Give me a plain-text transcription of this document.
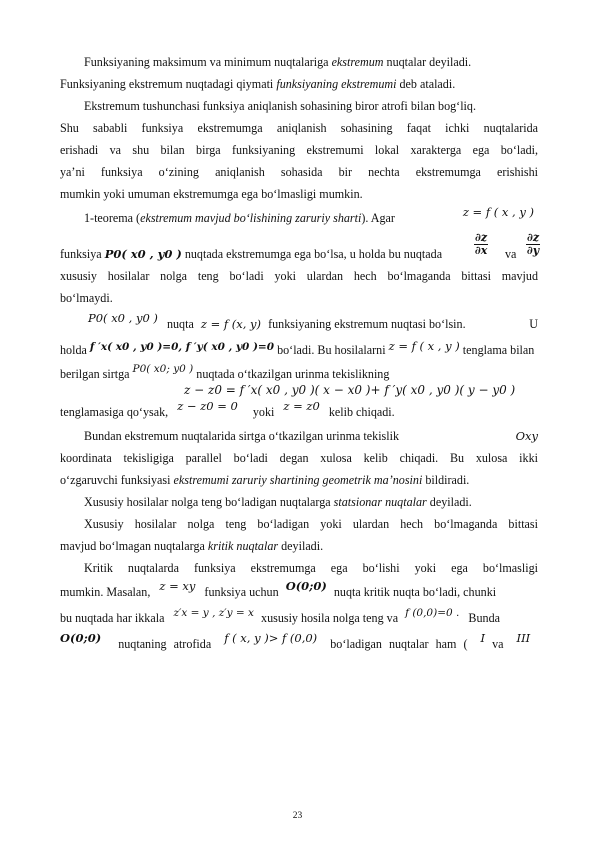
Funksiyaning maksimum va minimum nuqtalariga ekstremum nuqtalar deyiladi.
Funksiyaning ekstremum nuqtadagi qiymati funksiyaning ekstremumi deb ataladi.
Ekstremum tushunchasi funksiya aniqlanish sohasining biror atrofi bilan bog‘liq.
Shu sababli funksiya ekstremumga aniqlanish sohasining faqat ichki nuqtalarida
erishadi va shu bilan birga funksiyaning ekstremumi lokal xarakterga ega bo‘ladi,
ya’ni funksiya o‘zining aniqlanish sohasida bir nechta ekstremumga erishishi
mumkin yoki umuman ekstremumga ega bo‘lmasligi mumkin.
1-teorema (ekstremum mavjud bo‘lishining zaruriy sharti). Agar	z = f ( x , y )
funksiya P0( x0 , y0 ) nuqtada ekstremumga ega bo‘lsa, u holda bu nuqtada	$\frac{\partial z}{\partial x}$ va $\frac{\partial z}{\partial y}$
xususiy hosilalar nolga teng bo‘ladi yoki ulardan hech bo‘lmaganda bittasi mavjud
bo‘lmaydi.
P0( x0 , y0 ) nuqta z = f (x, y) funksiyaning ekstremum nuqtasi bo‘lsin.	U
holda f ′x( x0 , y0 )=0, f ′y( x0 , y0 )=0 bo‘ladi. Bu hosilalarni z = f ( x , y ) tenglama bilan
berilgan sirtga P0( x0; y0 ) nuqtada o‘tkazilgan urinma tekislikning
z − z0 = f ′x( x0 , y0 )( x − x0 )+ f ′y( x0 , y0 )( y − y0 )
tenglamasiga qo‘ysak, z − z0 = 0 yoki z = z0 kelib chiqadi.
Bundan ekstremum nuqtalarida sirtga o‘tkazilgan urinma tekislik	Oxy
koordinata tekisligiga parallel bo‘ladi degan xulosa kelib chiqadi. Bu xulosa ikki
o‘zgaruvchi funksiyasi ekstremumi zaruriy shartining geometrik ma’nosini bildiradi.
Xususiy hosilalar nolga teng bo‘ladigan nuqtalarga statsionar nuqtalar deyiladi.
Xususiy hosilalar nolga teng bo‘ladigan yoki ulardan hech bo‘lmaganda bittasi
mavjud bo‘lmagan nuqtalarga kritik nuqtalar deyiladi.
Kritik nuqtalarda funksiya ekstremumga ega bo‘lishi yoki ega bo‘lmasligi
mumkin. Masalan, z = xy funksiya uchun O(0;0) nuqta kritik nuqta bo‘ladi, chunki
bu nuqtada har ikkala z′x = y , z′y = x xususiy hosila nolga teng va f (0,0)=0 . Bunda
O(0;0) nuqtaning atrofida f ( x, y )> f (0,0) bo‘ladigan nuqtalar ham ( I va III
23
